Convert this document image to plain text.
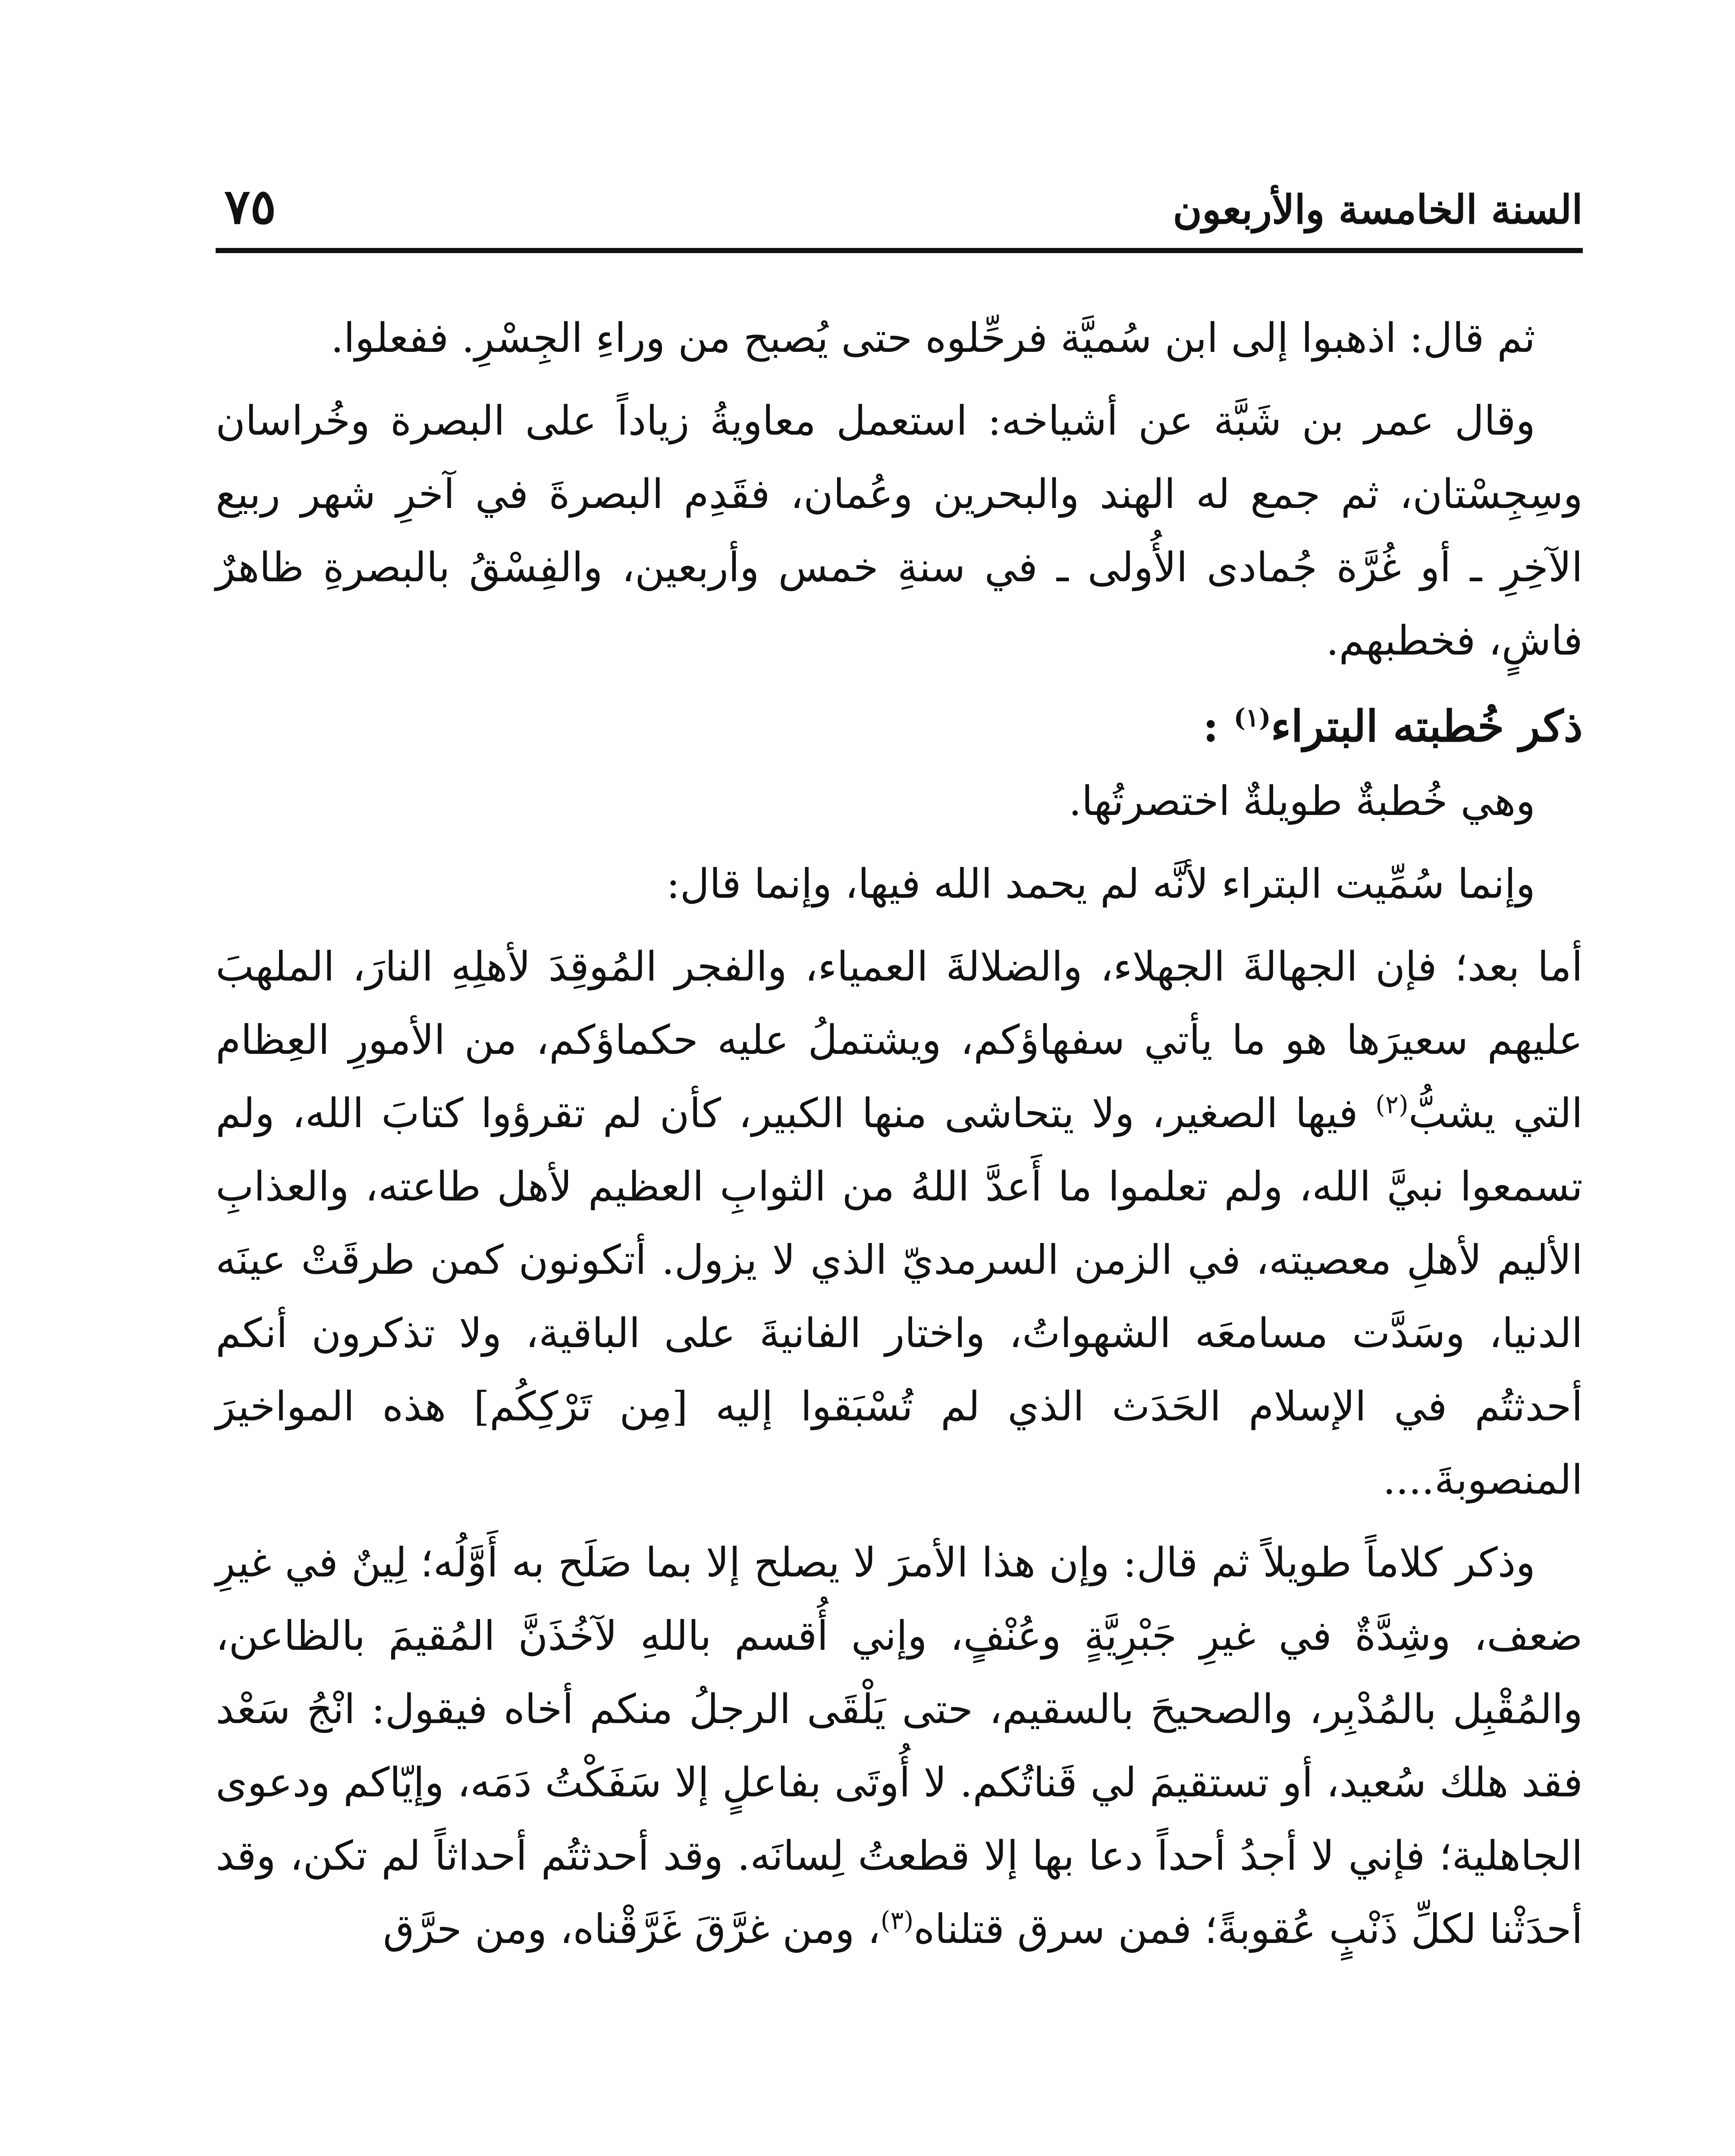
السنة الخامسة والأربعون
٧٥

ثم قال: اذهبوا إلى ابن سُميَّة فرحِّلوه حتى يُصبح من وراءِ الجِسْرِ. ففعلوا.

وقال عمر بن شَبَّة عن أشياخه: استعمل معاويةُ زياداً على البصرة وخُراسان وسِجِسْتان، ثم جمع له الهند والبحرين وعُمان، فقَدِم البصرةَ في آخرِ شهر ربيع الآخِرِ ـ أو غُرَّة جُمادى الأُولى ـ في سنةِ خمس وأربعين، والفِسْقُ بالبصرةِ ظاهرٌ فاشٍ، فخطبهم.

ذكر خُطبته البتراء$^{(١)}$ :

وهي خُطبةٌ طويلةٌ اختصرتُها.

وإنما سُمِّيت البتراء لأنَّه لم يحمد الله فيها، وإنما قال:

أما بعد؛ فإن الجهالةَ الجهلاء، والضلالةَ العمياء، والفجر المُوقِدَ لأهلِهِ النارَ، الملهبَ عليهم سعيرَها هو ما يأتي سفهاؤكم، ويشتملُ عليه حكماؤكم، من الأمورِ العِظام التي يشبُّ$^{(٢)}$ فيها الصغير، ولا يتحاشى منها الكبير، كأن لم تقرؤوا كتابَ الله، ولم تسمعوا نبيَّ الله، ولم تعلموا ما أَعدَّ اللهُ من الثوابِ العظيم لأهل طاعته، والعذابِ الأليم لأهلِ معصيته، في الزمن السرمديّ الذي لا يزول. أتكونون كمن طرقَتْ عينَه الدنيا، وسَدَّت مسامعَه الشهواتُ، واختار الفانيةَ على الباقية، ولا تذكرون أنكم أحدثتُم في الإسلام الحَدَث الذي لم تُسْبَقوا إليه [مِن تَرْكِكُم] هذه المواخيرَ المنصوبةَ....

وذكر كلاماً طويلاً ثم قال: وإن هذا الأمرَ لا يصلح إلا بما صَلَح به أَوَّلُه؛ لِينٌ في غيرِ ضعف، وشِدَّةٌ في غيرِ جَبْرِيَّةٍ وعُنْفٍ، وإني أُقسم باللهِ لآخُذَنَّ المُقيمَ بالظاعن، والمُقْبِل بالمُدْبِر، والصحيحَ بالسقيم، حتى يَلْقَى الرجلُ منكم أخاه فيقول: انْجُ سَعْد فقد هلك سُعيد، أو تستقيمَ لي قَناتُكم. لا أُوتَى بفاعلٍ إلا سَفَكْتُ دَمَه، وإيّاكم ودعوى الجاهلية؛ فإني لا أجدُ أحداً دعا بها إلا قطعتُ لِسانَه. وقد أحدثتُم أحداثاً لم تكن، وقد أحدَثْنا لكلِّ ذَنْبٍ عُقوبةً؛ فمن سرق قتلناه$^{(٣)}$، ومن غرَّقَ غَرَّقْناه، ومن حرَّق
